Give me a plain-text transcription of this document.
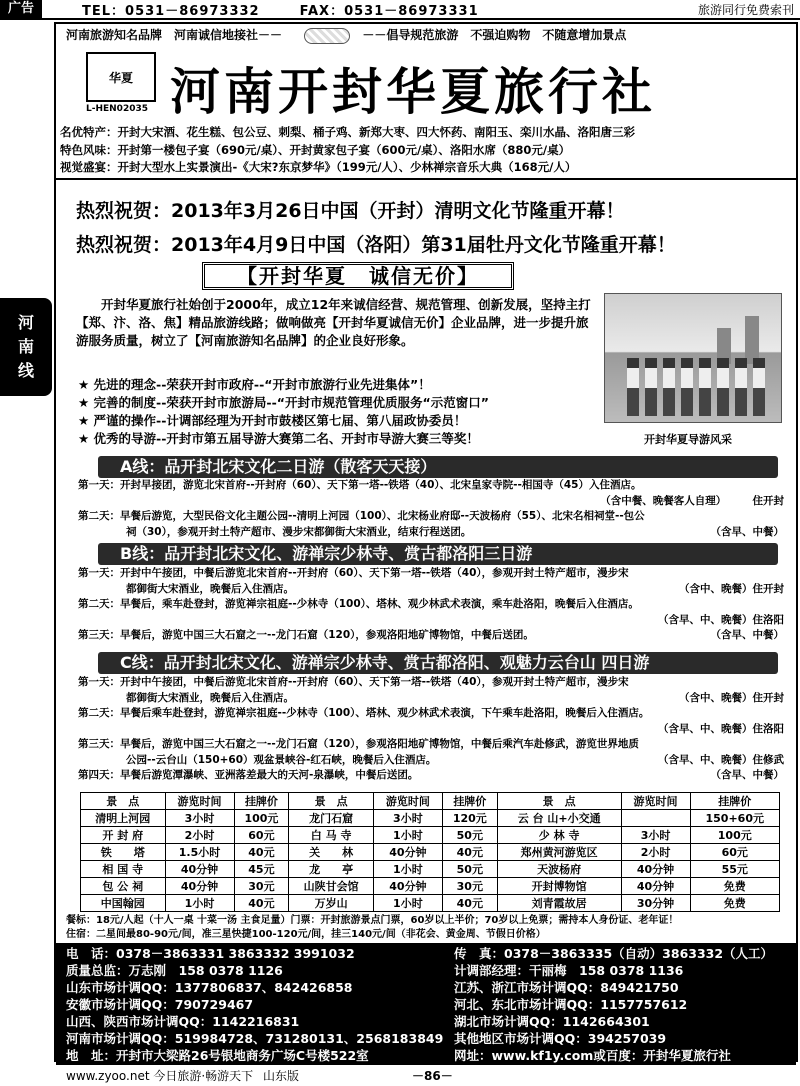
广告	TEL：0531－86973332	FAX：0531－86973331	旅游同行免费索刊
河南旅游知名品牌　河南诚信地接社－－	－－倡导规范旅游　不强迫购物　不随意增加景点
华夏
L-HEN02035 河南开封华夏旅行社
名优特产：开封大宋酒、花生糕、包公豆、刺梨、桶子鸡、新郑大枣、四大怀药、南阳玉、栾川水晶、洛阳唐三彩
特色风味：开封第一楼包子宴（690元/桌）、开封黄家包子宴（600元/桌）、洛阳水席（880元/桌）
视觉盛宴：开封大型水上实景演出-《大宋?东京梦华》（199元/人）、少林禅宗音乐大典（168元/人）
热烈祝贺：2013年3月26日中国（开封）清明文化节隆重开幕！
热烈祝贺：2013年4月9日中国（洛阳）第31届牡丹文化节隆重开幕！
【开封华夏　诚信无价】

开封华夏旅行社始创于2000年，成立12年来诚信经营、规范管理、创新发展，坚持主打【郑、汴、洛、焦】精品旅游线路；做响做亮【开封华夏诚信无价】企业品牌，进一步提升旅游服务质量，树立了【河南旅游知名品牌】的企业良好形象。

★ 先进的理念--荣获开封市政府--“开封市旅游行业先进集体”！
★ 完善的制度--荣获开封市旅游局--“开封市规范管理优质服务“示范窗口”
★ 严谨的操作--计调部经理为开封市鼓楼区第七届、第八届政协委员！
★ 优秀的导游--开封市第五届导游大赛第二名、开封市导游大赛三等奖！	开封华夏导游风采
河
南
线
A线：品开封北宋文化二日游（散客天天接）
第一天：开封早接团，游览北宋首府--开封府（60）、天下第一塔--铁塔（40）、北宋皇家寺院--相国寺（45）入住酒店。
（含中餐、晚餐客人自理）　　　住开封
第二天：早餐后游览，大型民俗文化主题公园--清明上河园（100）、北宋杨业府邸--天波杨府（55）、北宋名相祠堂--包公
祠（30），参观开封土特产超市、漫步宋都御街大宋酒业，结束行程送团。	（含早、中餐）
B线：品开封北宋文化、游禅宗少林寺、赏古都洛阳三日游
第一天：开封中午接团，中餐后游览北宋首府--开封府（60）、天下第一塔--铁塔（40），参观开封土特产超市，漫步宋
都御街大宋酒业，晚餐后入住酒店。	（含中、晚餐）住开封
第二天：早餐后，乘车赴登封，游览禅宗祖庭--少林寺（100）、塔林、观少林武术表演，乘车赴洛阳，晚餐后入住酒店。
（含早、中、晚餐）住洛阳
第三天：早餐后，游览中国三大石窟之一--龙门石窟（120），参观洛阳地矿博物馆，中餐后送团。	（含早、中餐）
C线：品开封北宋文化、游禅宗少林寺、赏古都洛阳、观魅力云台山 四日游
第一天：开封中午接团，中餐后游览北宋首府--开封府（60）、天下第一塔--铁塔（40），参观开封土特产超市，漫步宋
都御街大宋酒业，晚餐后入住酒店。	（含中、晚餐）住开封
第二天：早餐后乘车赴登封，游览禅宗祖庭--少林寺（100）、塔林、观少林武术表演，下午乘车赴洛阳，晚餐后入住酒店。
（含早、中、晚餐）住洛阳
第三天：早餐后，游览中国三大石窟之一--龙门石窟（120），参观洛阳地矿博物馆，中餐后乘汽车赴修武，游览世界地质
公园--云台山（150+60）观盆景峡谷-红石峡，晚餐后入住酒店。	（含早、中、晚餐）住修武
第四天：早餐后游览潭瀑峡、亚洲落差最大的天河-泉瀑峡，中餐后送团。	（含早、中餐）
景　点	游览时间	挂牌价	景　点	游览时间	挂牌价	景　点	游览时间	挂牌价
清明上河园	3小时	100元	龙门石窟	3小时	120元	云 台 山+小交通		150+60元
开 封 府	2小时	60元	白 马 寺	1小时	50元	少 林 寺	3小时	100元
铁　　塔	1.5小时	40元	关　　林	40分钟	40元	郑州黄河游览区	2小时	60元
相 国 寺	40分钟	45元	龙　　亭	1小时	50元	天波杨府	40分钟	55元
包 公 祠	40分钟	30元	山陕甘会馆	40分钟	30元	开封博物馆	40分钟	免费
中国翰园	1小时	40元	万岁山	1小时	40元	刘青霞故居	30分钟	免费
餐标：18元/人起（十人一桌 十菜一汤 主食足量）门票：开封旅游景点门票，60岁以上半价；70岁以上免票；需持本人身份证、老年证！
住宿：二星间最80-90元/间，准三星快捷100-120元/间，挂三140元/间（非花会、黄金周、节假日价格）
电　话：0378－3863331 3863332 3991032
质量总监：万志刚　158 0378 1126
山东市场计调QQ：1377806837、842426858
安徽市场计调QQ：790729467
山西、陕西市场计调QQ：1142216831
河南市场计调QQ：519984728、731280131、2568183849
地　址：开封市大梁路26号银地商务广场C号楼522室
传　真：0378－3863335（自动）3863332（人工）
计调部经理：干丽梅　158 0378 1136
江苏、浙江市场计调QQ：849421750
河北、东北市场计调QQ：1157757612
湖北市场计调QQ：1142664301
其他地区市场计调QQ：394257039
网址：www.kf1y.com或百度：开封华夏旅行社
www.zyoo.net 今日旅游·畅游天下 山东版	－86－
